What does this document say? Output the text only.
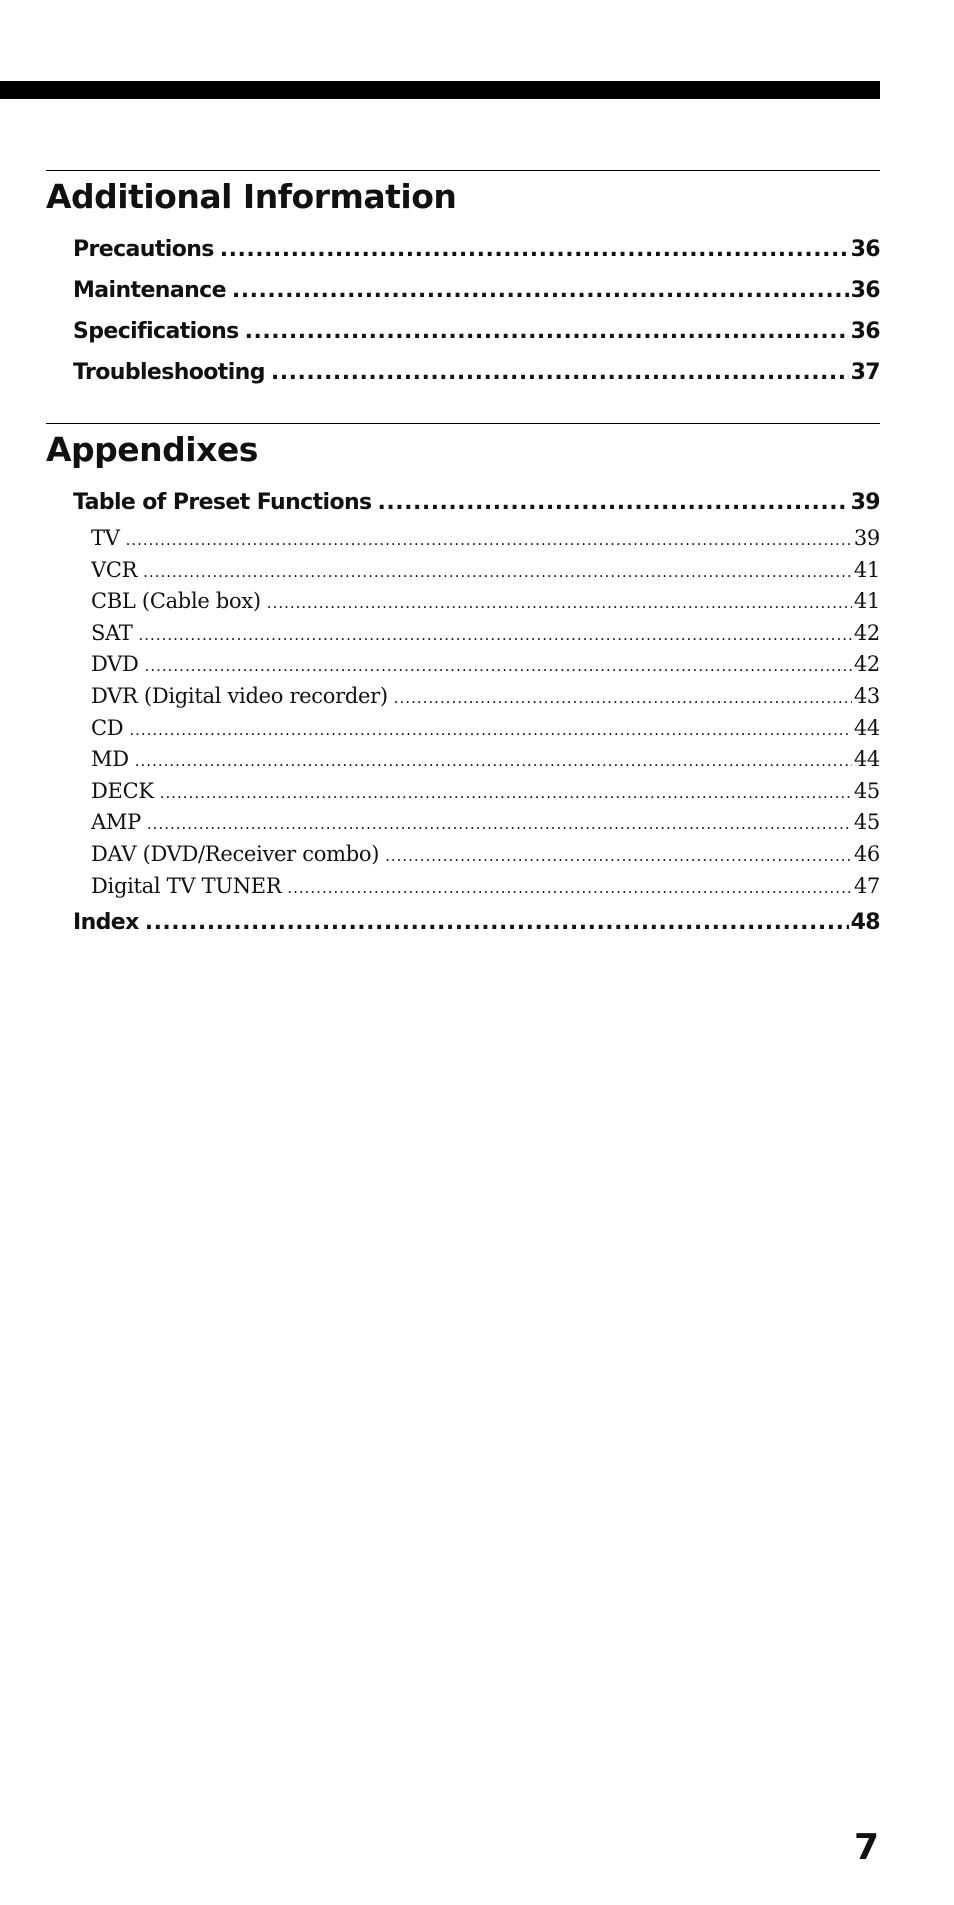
Additional Information
Precautions .....	36
Maintenance .....	36
Specifications .....	36
Troubleshooting .....	37
Appendixes
Table of Preset Functions .....	39
TV .....	39
VCR .....	41
CBL (Cable box) .....	41
SAT .....	42
DVD .....	42
DVR (Digital video recorder) .....	43
CD .....	44
MD .....	44
DECK .....	45
AMP .....	45
DAV (DVD/Receiver combo) .....	46
Digital TV TUNER .....	47
Index .....	48
7
